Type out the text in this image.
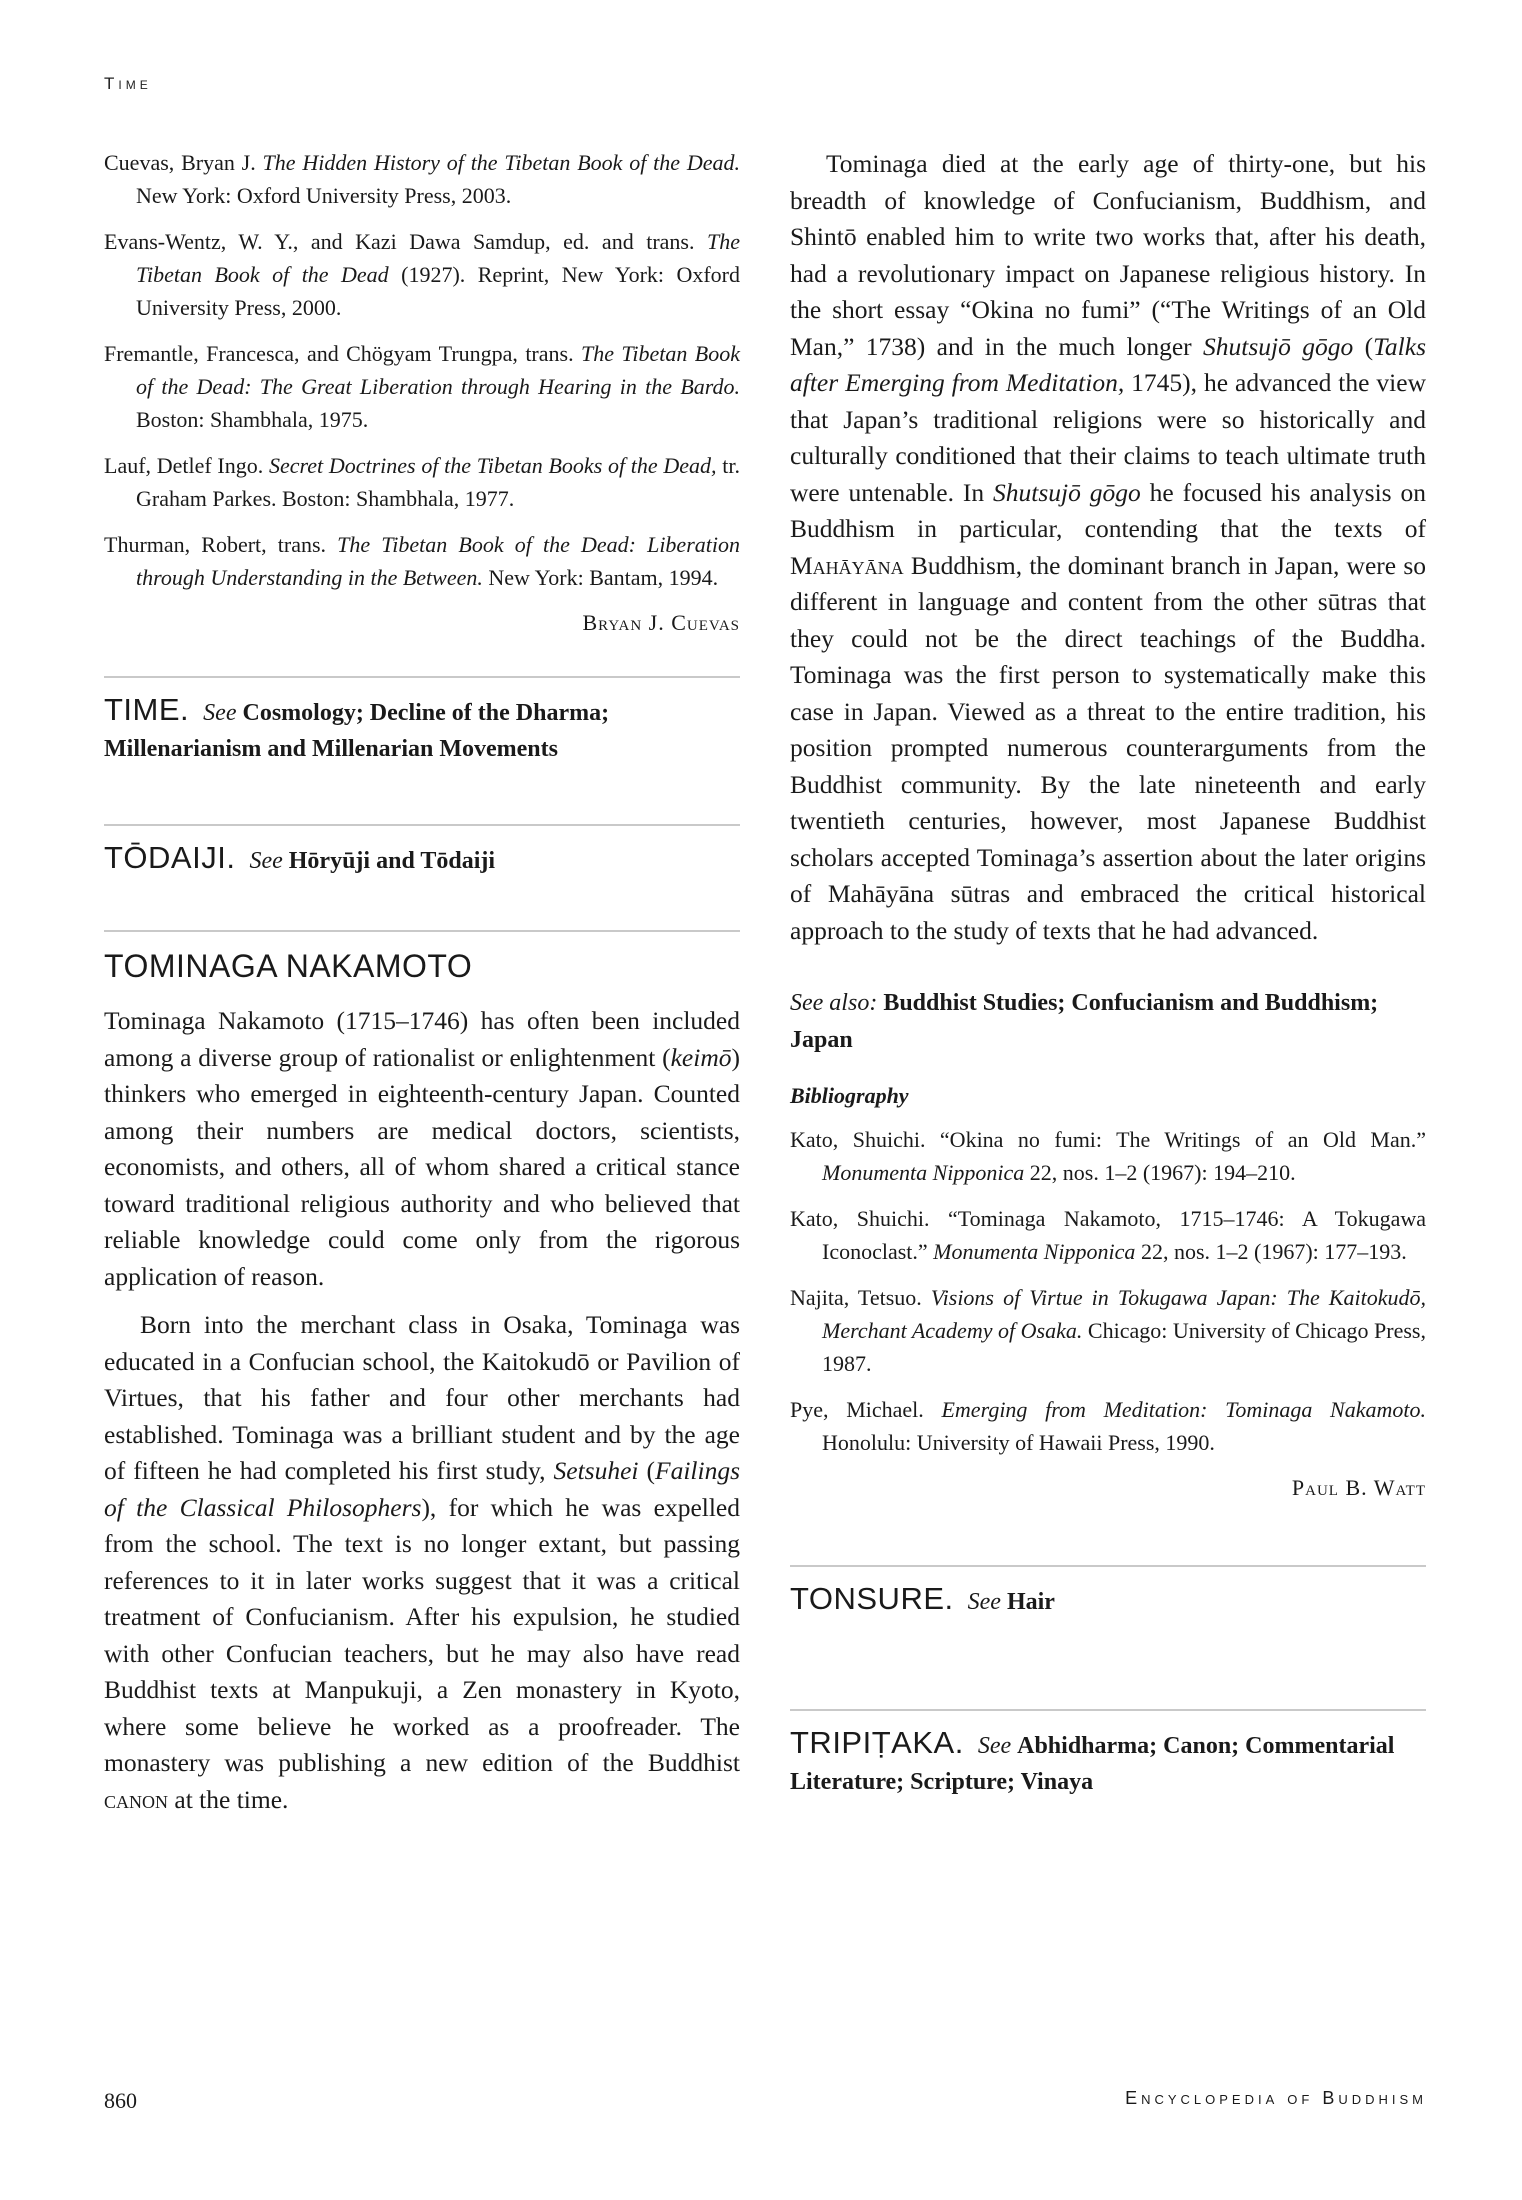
Time

Cuevas, Bryan J. The Hidden History of the Tibetan Book of the Dead. New York: Oxford University Press, 2003.

Evans-Wentz, W. Y., and Kazi Dawa Samdup, ed. and trans. The Tibetan Book of the Dead (1927). Reprint, New York: Oxford University Press, 2000.

Fremantle, Francesca, and Chögyam Trungpa, trans. The Tibetan Book of the Dead: The Great Liberation through Hearing in the Bardo. Boston: Shambhala, 1975.

Lauf, Detlef Ingo. Secret Doctrines of the Tibetan Books of the Dead, tr. Graham Parkes. Boston: Shambhala, 1977.

Thurman, Robert, trans. The Tibetan Book of the Dead: Liberation through Understanding in the Between. New York: Bantam, 1994.

Bryan J. Cuevas

TIME. See Cosmology; Decline of the Dharma; Millenarianism and Millenarian Movements
TŌDAIJI. See Hōryūji and Tōdaiji
TOMINAGA NAKAMOTO

Tominaga Nakamoto (1715–1746) has often been included among a diverse group of rationalist or enlightenment (keimō) thinkers who emerged in eighteenth-century Japan. Counted among their numbers are medical doctors, scientists, economists, and others, all of whom shared a critical stance toward traditional religious authority and who believed that reliable knowledge could come only from the rigorous application of reason.

Born into the merchant class in Osaka, Tominaga was educated in a Confucian school, the Kaitokudō or Pavilion of Virtues, that his father and four other merchants had established. Tominaga was a brilliant student and by the age of fifteen he had completed his first study, Setsuhei (Failings of the Classical Philosophers), for which he was expelled from the school. The text is no longer extant, but passing references to it in later works suggest that it was a critical treatment of Confucianism. After his expulsion, he studied with other Confucian teachers, but he may also have read Buddhist texts at Manpukuji, a Zen monastery in Kyoto, where some believe he worked as a proofreader. The monastery was publishing a new edition of the Buddhist canon at the time.

Tominaga died at the early age of thirty-one, but his breadth of knowledge of Confucianism, Buddhism, and Shintō enabled him to write two works that, after his death, had a revolutionary impact on Japanese religious history. In the short essay “Okina no fumi” (“The Writings of an Old Man,” 1738) and in the much longer Shutsujō gōgo (Talks after Emerging from Meditation, 1745), he advanced the view that Japan’s traditional religions were so historically and culturally conditioned that their claims to teach ultimate truth were untenable. In Shutsujō gōgo he focused his analysis on Buddhism in particular, contending that the texts of Mahāyāna Buddhism, the dominant branch in Japan, were so different in language and content from the other sūtras that they could not be the direct teachings of the Buddha. Tominaga was the first person to systematically make this case in Japan. Viewed as a threat to the entire tradition, his position prompted numerous counterarguments from the Buddhist community. By the late nineteenth and early twentieth centuries, however, most Japanese Buddhist scholars accepted Tominaga’s assertion about the later origins of Mahāyāna sūtras and embraced the critical historical approach to the study of texts that he had advanced.

See also: Buddhist Studies; Confucianism and Buddhism; Japan

Bibliography

Kato, Shuichi. “Okina no fumi: The Writings of an Old Man.” Monumenta Nipponica 22, nos. 1–2 (1967): 194–210.

Kato, Shuichi. “Tominaga Nakamoto, 1715–1746: A Tokugawa Iconoclast.” Monumenta Nipponica 22, nos. 1–2 (1967): 177–193.

Najita, Tetsuo. Visions of Virtue in Tokugawa Japan: The Kaitokudō, Merchant Academy of Osaka. Chicago: University of Chicago Press, 1987.

Pye, Michael. Emerging from Meditation: Tominaga Nakamoto. Honolulu: University of Hawaii Press, 1990.

Paul B. Watt

TONSURE. See Hair
TRIPIṬAKA. See Abhidharma; Canon; Commentarial Literature; Scripture; Vinaya
860	Encyclopedia of Buddhism
